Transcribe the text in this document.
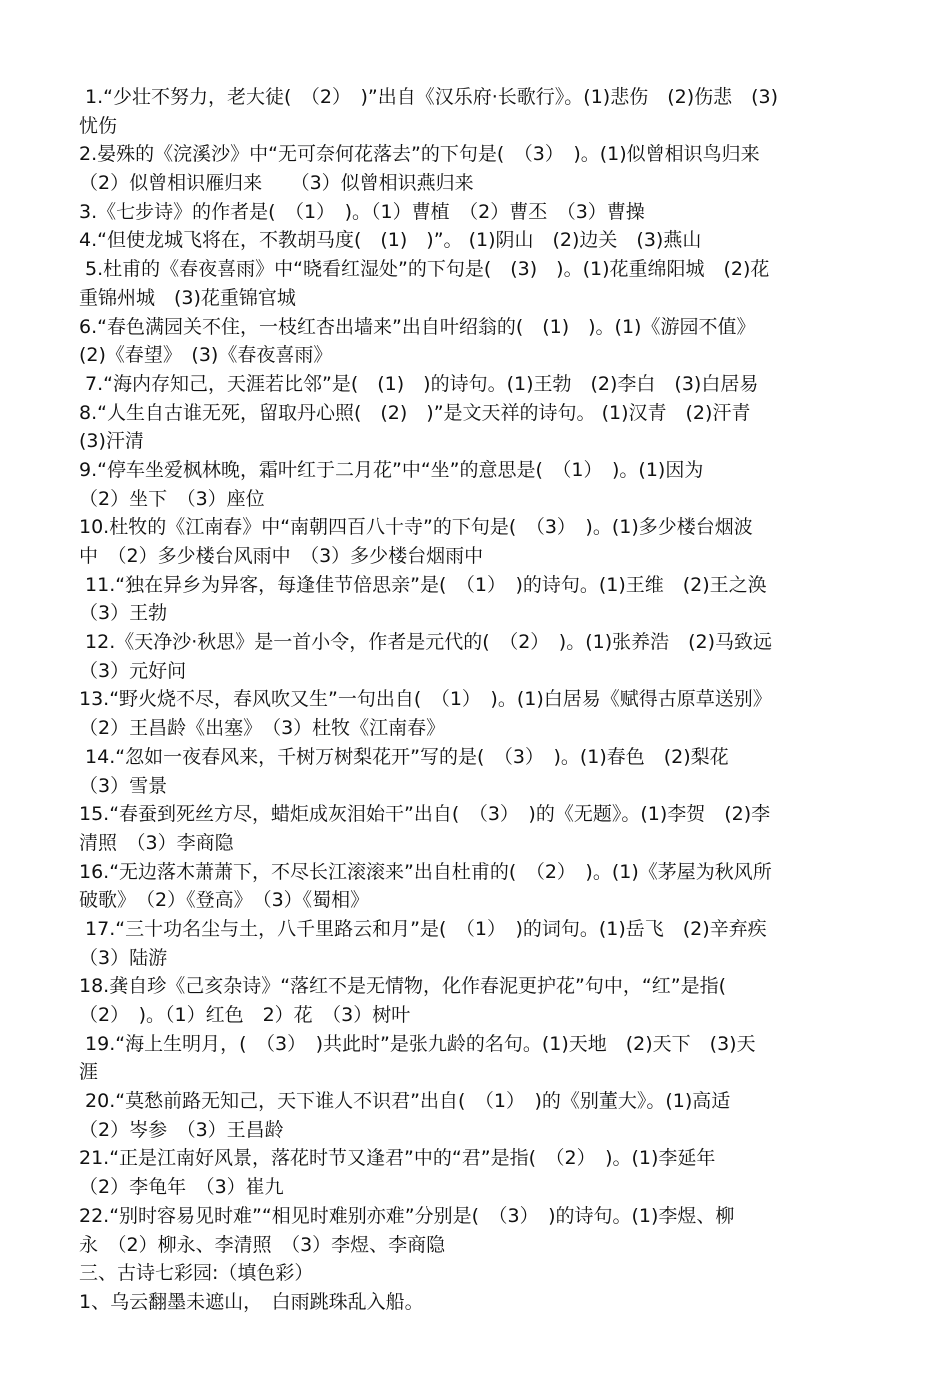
1.“少壮不努力，老大徒(　（2）　)”出自《汉乐府·长歌行》。(1)悲伤　(2)伤悲　(3)
忧伤
2.晏殊的《浣溪沙》中“无可奈何花落去”的下句是(　（3）　)。(1)似曾相识鸟归来
（2）似曾相识雁归来　　（3）似曾相识燕归来
3.《七步诗》的作者是(　（1）　)。（1）曹植　（2）曹丕　（3）曹操
4.“但使龙城飞将在，不教胡马度(　(1)　)”。 (1)阴山　(2)边关　(3)燕山
5.杜甫的《春夜喜雨》中“晓看红湿处”的下句是(　(3)　)。(1)花重绵阳城　(2)花
重锦州城　(3)花重锦官城
6.“春色满园关不住，一枝红杏出墙来”出自叶绍翁的(　(1)　)。(1)《游园不值》
(2)《春望》　(3)《春夜喜雨》
7.“海内存知己，天涯若比邻”是(　(1)　)的诗句。(1)王勃　(2)李白　(3)白居易
8.“人生自古谁无死，留取丹心照(　(2)　)”是文天祥的诗句。 (1)汉青　(2)汗青
(3)汗清
9.“停车坐爱枫林晚，霜叶红于二月花”中“坐”的意思是(　（1）　)。(1)因为
（2）坐下　（3）座位
10.杜牧的《江南春》中“南朝四百八十寺”的下句是(　（3）　)。(1)多少楼台烟波
中　（2）多少楼台风雨中　（3）多少楼台烟雨中
11.“独在异乡为异客，每逢佳节倍思亲”是(　（1）　)的诗句。(1)王维　(2)王之涣
（3）王勃
12.《天净沙·秋思》是一首小令，作者是元代的(　（2）　)。(1)张养浩　(2)马致远
（3）元好问
13.“野火烧不尽，春风吹又生”一句出自(　（1）　)。(1)白居易《赋得古原草送别》
（2）王昌龄《出塞》　（3）杜牧《江南春》
14.“忽如一夜春风来，千树万树梨花开”写的是(　（3）　)。(1)春色　(2)梨花
（3）雪景
15.“春蚕到死丝方尽，蜡炬成灰泪始干”出自(　（3）　)的《无题》。(1)李贺　(2)李
清照　（3）李商隐
16.“无边落木萧萧下，不尽长江滚滚来”出自杜甫的(　（2）　)。(1)《茅屋为秋风所
破歌》　（2）《登高》　（3）《蜀相》
17.“三十功名尘与土，八千里路云和月”是(　（1）　)的词句。(1)岳飞　(2)辛弃疾
（3）陆游
18.龚自珍《己亥杂诗》“落红不是无情物，化作春泥更护花”句中，“红”是指(
（2）　)。（1）红色　2）花　（3）树叶
19.“海上生明月，(　（3）　)共此时”是张九龄的名句。(1)天地　(2)天下　(3)天
涯
20.“莫愁前路无知己，天下谁人不识君”出自(　（1）　)的《别董大》。(1)高适
（2）岑参　（3）王昌龄
21.“正是江南好风景，落花时节又逢君”中的“君”是指(　（2）　)。(1)李延年
（2）李龟年　（3）崔九
22.“别时容易见时难”“相见时难别亦难”分别是(　（3）　)的诗句。(1)李煜、柳
永　（2）柳永、李清照　（3）李煜、李商隐
三、古诗七彩园:（填色彩）
1、乌云翻墨未遮山，　白雨跳珠乱入船。
